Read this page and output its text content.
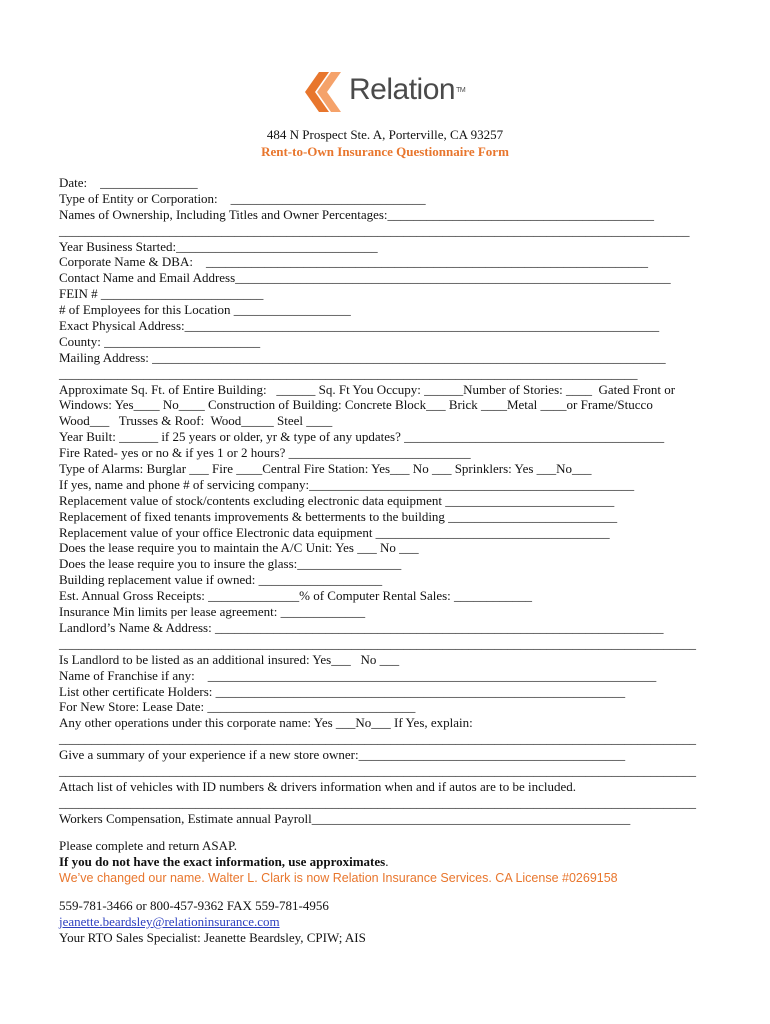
Relation™
484 N Prospect Ste. A, Porterville, CA 93257
Rent-to-Own Insurance Questionnaire Form
Date:    _______________
Type of Entity or Corporation:    ______________________________
Names of Ownership, Including Titles and Owner Percentages:_________________________________________
_________________________________________________________________________________________________
Year Business Started:_______________________________
Corporate Name & DBA:    ____________________________________________________________________
Contact Name and Email Address___________________________________________________________________
FEIN # _________________________
# of Employees for this Location __________________
Exact Physical Address:_________________________________________________________________________
County: ________________________
Mailing Address: _______________________________________________________________________________
_________________________________________________________________________________________
Approximate Sq. Ft. of Entire Building:   ______ Sq. Ft You Occupy: ______Number of Stories: ____  Gated Front or
Windows: Yes____ No____ Construction of Building: Concrete Block___ Brick ____Metal ____or Frame/Stucco
Wood___   Trusses & Roof:  Wood_____ Steel ____
Year Built: ______ if 25 years or older, yr & type of any updates? ________________________________________
Fire Rated- yes or no & if yes 1 or 2 hours? ____________________________
Type of Alarms: Burglar ___ Fire ____Central Fire Station: Yes___ No ___ Sprinklers: Yes ___No___
If yes, name and phone # of servicing company:__________________________________________________
Replacement value of stock/contents excluding electronic data equipment __________________________
Replacement of fixed tenants improvements & betterments to the building __________________________
Replacement value of your office Electronic data equipment ____________________________________
Does the lease require you to maintain the A/C Unit: Yes ___ No ___
Does the lease require you to insure the glass:________________
Building replacement value if owned: ___________________
Est. Annual Gross Receipts: ______________% of Computer Rental Sales: ____________
Insurance Min limits per lease agreement: _____________
Landlord’s Name & Address: _____________________________________________________________________
__________________________________________________________________________________________________
Is Landlord to be listed as an additional insured: Yes___   No ___
Name of Franchise if any:    _____________________________________________________________________
List other certificate Holders: _______________________________________________________________
For New Store: Lease Date: ________________________________
Any other operations under this corporate name: Yes ___No___ If Yes, explain:
__________________________________________________________________________________________________
Give a summary of your experience if a new store owner:_________________________________________
__________________________________________________________________________________________________
Attach list of vehicles with ID numbers & drivers information when and if autos are to be included.
__________________________________________________________________________________________________
Workers Compensation, Estimate annual Payroll_________________________________________________
Please complete and return ASAP.
If you do not have the exact information, use approximates.
We’ve changed our name. Walter L. Clark is now Relation Insurance Services. CA License #0269158
559-781-3466 or 800-457-9362 FAX 559-781-4956
jeanette.beardsley@relationinsurance.com
Your RTO Sales Specialist: Jeanette Beardsley, CPIW; AIS
